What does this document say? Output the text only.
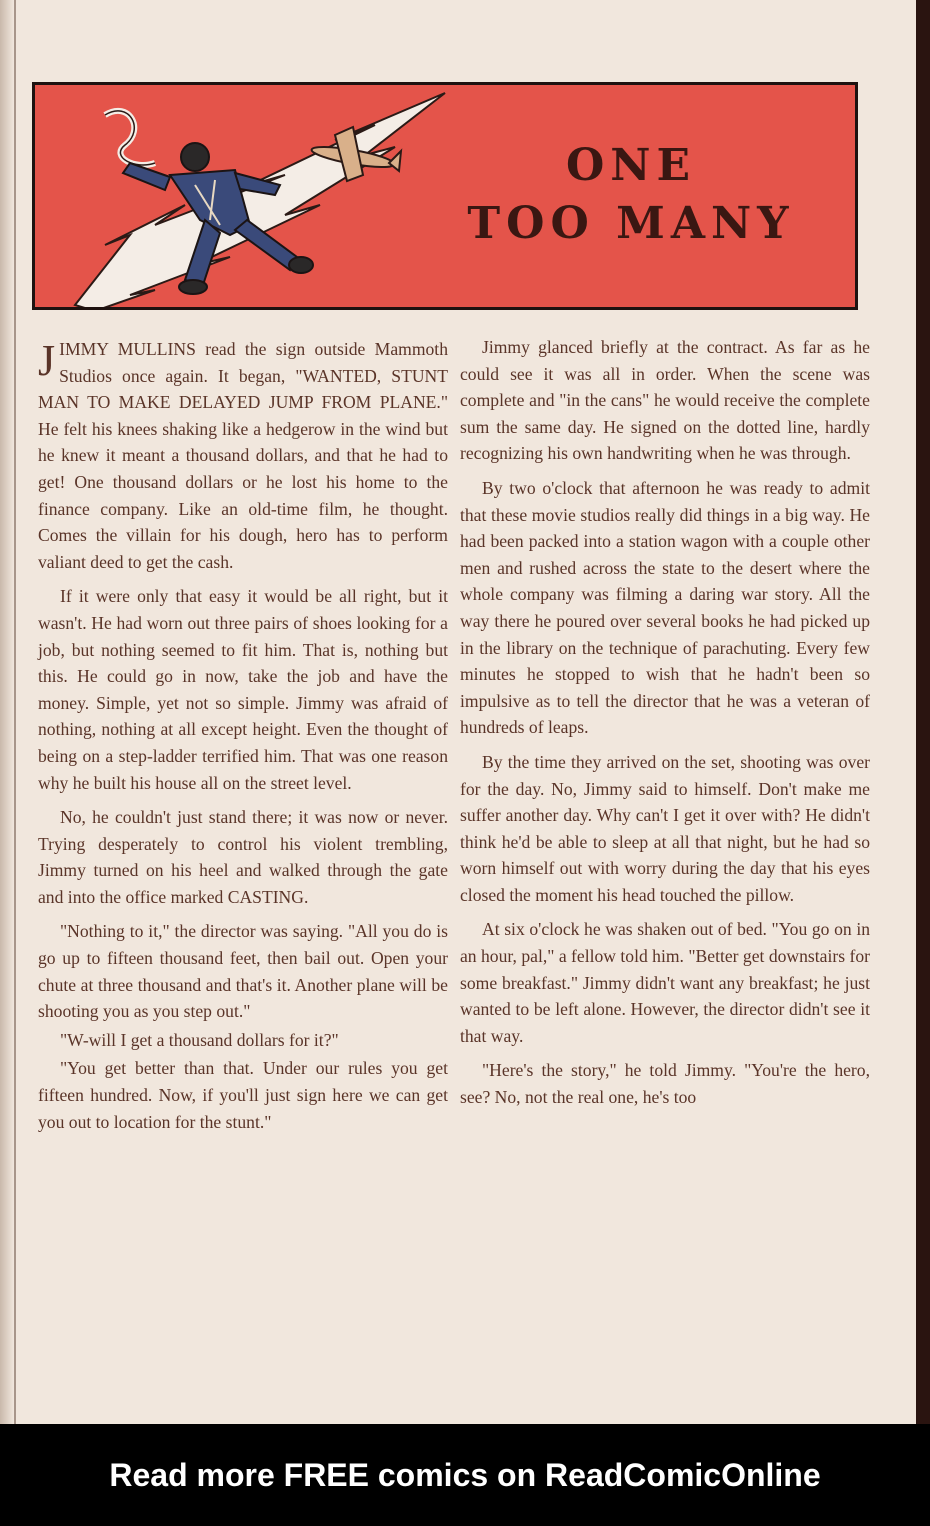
ONE
TOO MANY

JIMMY MULLINS read the sign outside Mammoth Studios once again. It began, "WANTED, STUNT MAN TO MAKE DELAYED JUMP FROM PLANE." He felt his knees shaking like a hedgerow in the wind but he knew it meant a thousand dollars, and that he had to get! One thousand dollars or he lost his home to the finance company. Like an old-time film, he thought. Comes the villain for his dough, hero has to perform valiant deed to get the cash.

If it were only that easy it would be all right, but it wasn't. He had worn out three pairs of shoes looking for a job, but nothing seemed to fit him. That is, nothing but this. He could go in now, take the job and have the money. Simple, yet not so simple. Jimmy was afraid of nothing, nothing at all except height. Even the thought of being on a step-ladder terrified him. That was one reason why he built his house all on the street level.

No, he couldn't just stand there; it was now or never. Trying desperately to control his violent trembling, Jimmy turned on his heel and walked through the gate and into the office marked CASTING.

"Nothing to it," the director was saying. "All you do is go up to fifteen thousand feet, then bail out. Open your chute at three thousand and that's it. Another plane will be shooting you as you step out."

"W-will I get a thousand dollars for it?"

"You get better than that. Under our rules you get fifteen hundred. Now, if you'll just sign here we can get you out to location for the stunt."

Jimmy glanced briefly at the contract. As far as he could see it was all in order. When the scene was complete and "in the cans" he would receive the complete sum the same day. He signed on the dotted line, hardly recognizing his own handwriting when he was through.

By two o'clock that afternoon he was ready to admit that these movie studios really did things in a big way. He had been packed into a station wagon with a couple other men and rushed across the state to the desert where the whole company was filming a daring war story. All the way there he poured over several books he had picked up in the library on the technique of parachuting. Every few minutes he stopped to wish that he hadn't been so impulsive as to tell the director that he was a veteran of hundreds of leaps.

By the time they arrived on the set, shooting was over for the day. No, Jimmy said to himself. Don't make me suffer another day. Why can't I get it over with? He didn't think he'd be able to sleep at all that night, but he had so worn himself out with worry during the day that his eyes closed the moment his head touched the pillow.

At six o'clock he was shaken out of bed. "You go on in an hour, pal," a fellow told him. "Better get downstairs for some breakfast." Jimmy didn't want any breakfast; he just wanted to be left alone. However, the director didn't see it that way.

"Here's the story," he told Jimmy. "You're the hero, see? No, not the real one, he's too

Read more FREE comics on ReadComicOnline
